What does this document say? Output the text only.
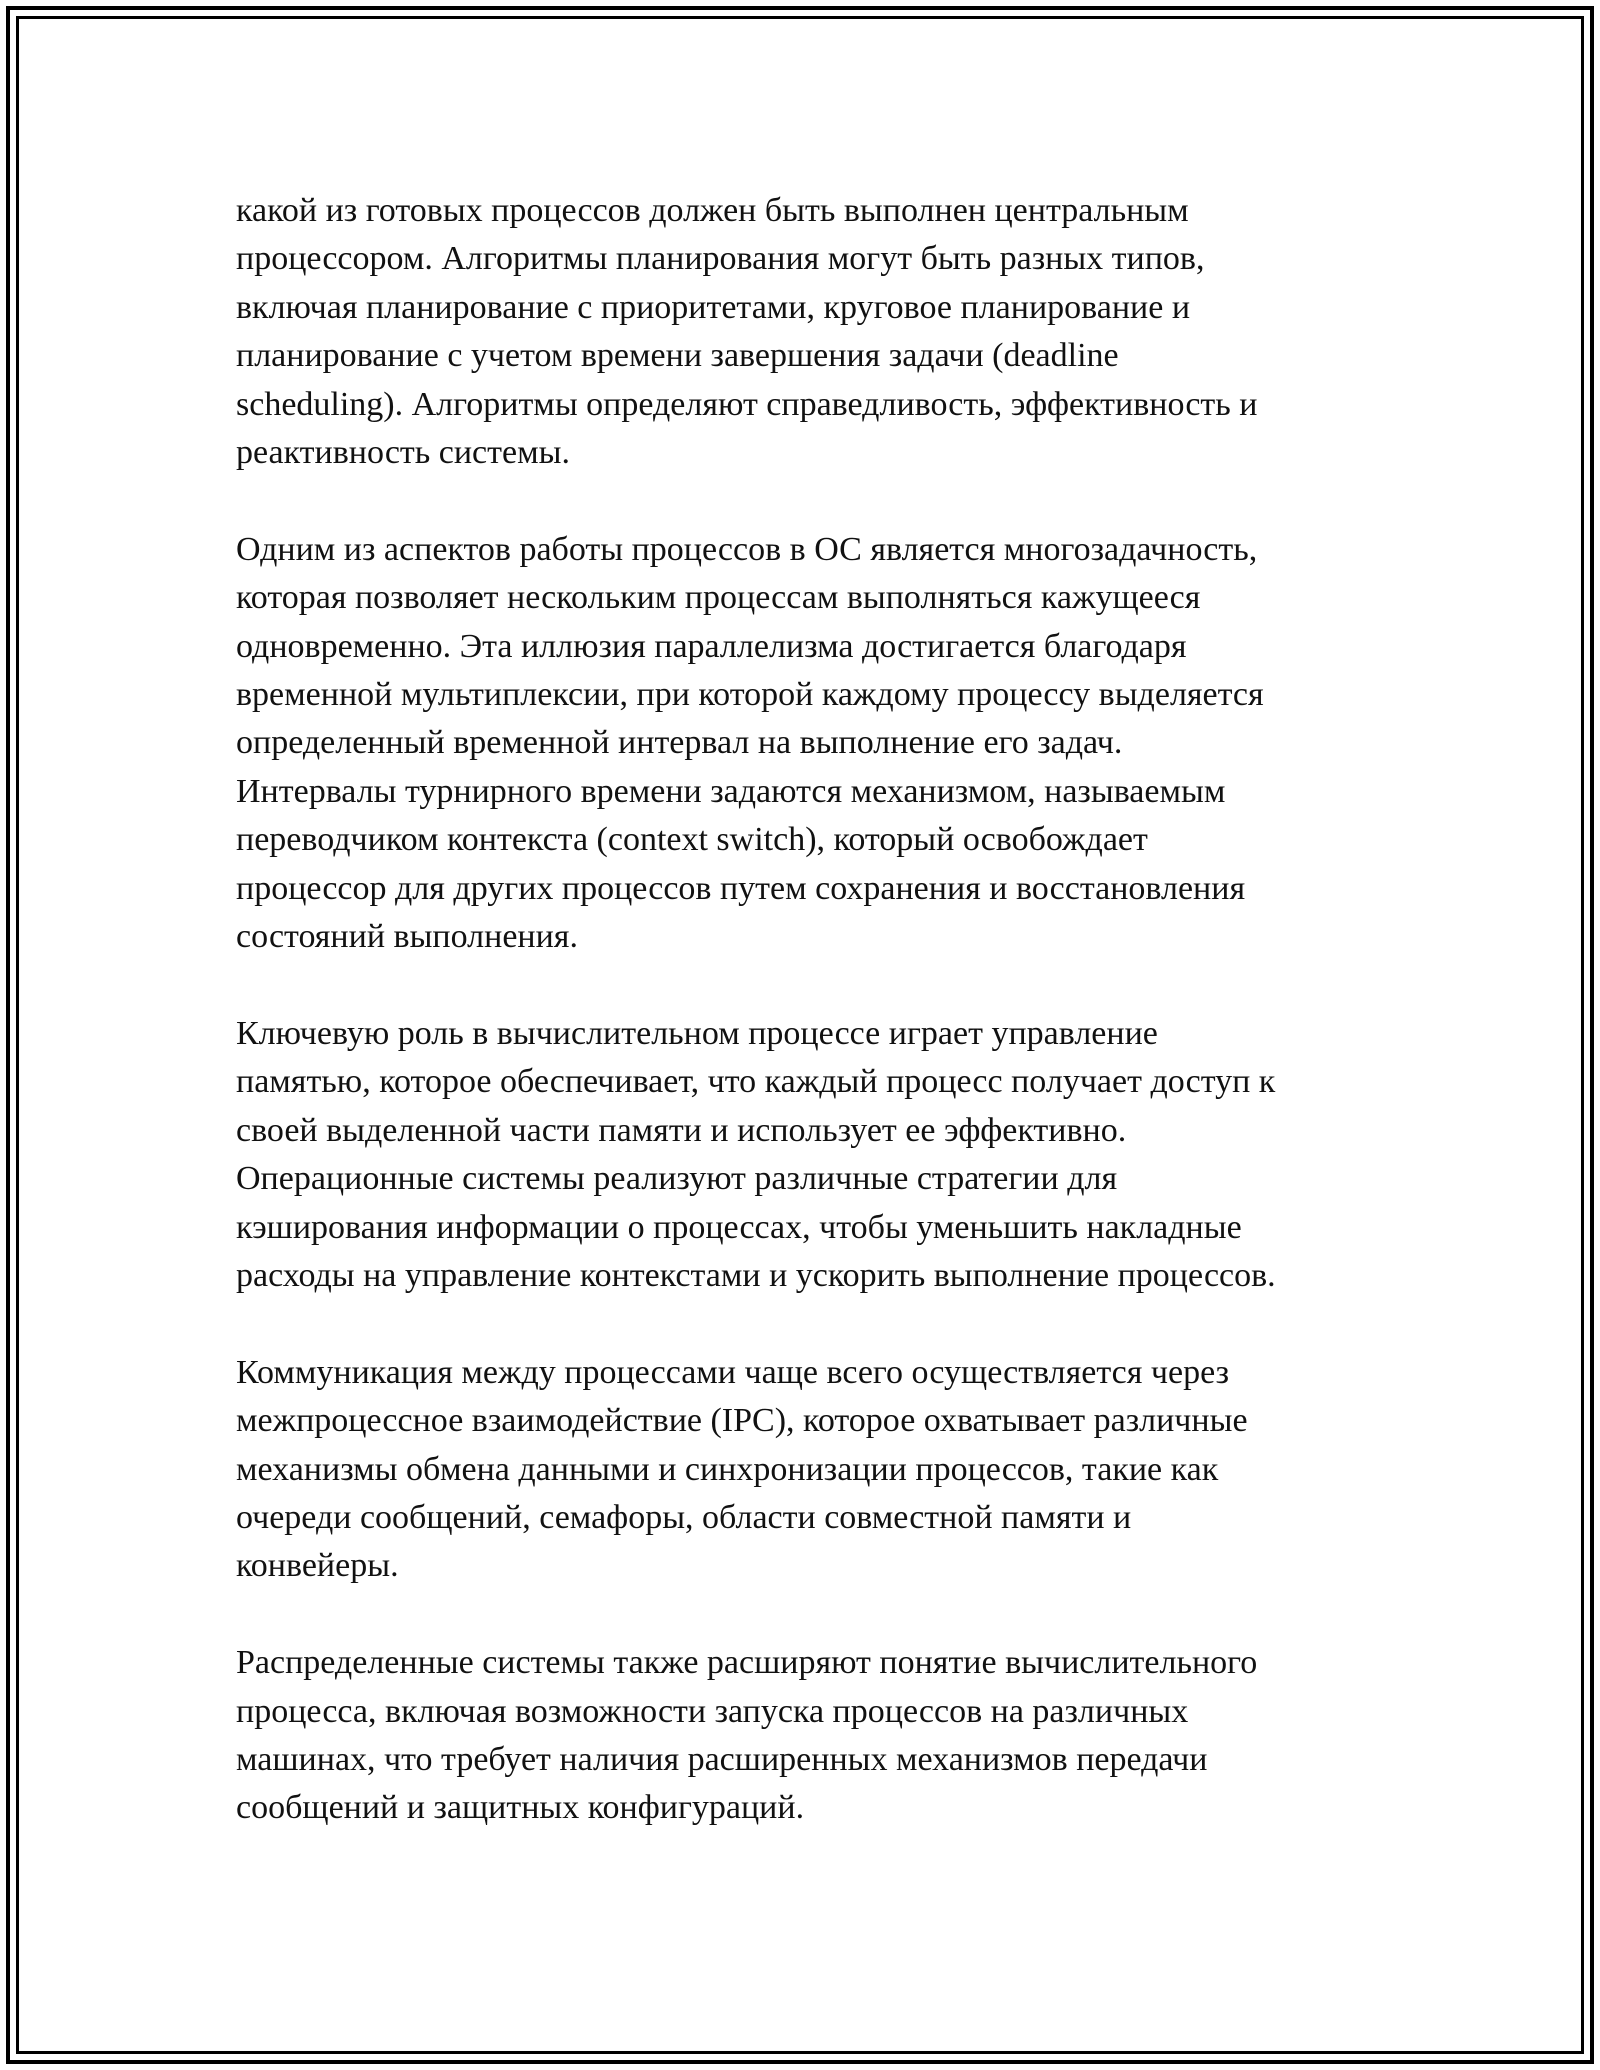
какой из готовых процессов должен быть выполнен центральным
процессором. Алгоритмы планирования могут быть разных типов,
включая планирование с приоритетами, круговое планирование и
планирование с учетом времени завершения задачи (deadline
scheduling). Алгоритмы определяют справедливость, эффективность и
реактивность системы.

Одним из аспектов работы процессов в ОС является многозадачность,
которая позволяет нескольким процессам выполняться кажущееся
одновременно. Эта иллюзия параллелизма достигается благодаря
временной мультиплексии, при которой каждому процессу выделяется
определенный временной интервал на выполнение его задач.
Интервалы турнирного времени задаются механизмом, называемым
переводчиком контекста (context switch), который освобождает
процессор для других процессов путем сохранения и восстановления
состояний выполнения.

Ключевую роль в вычислительном процессе играет управление
памятью, которое обеспечивает, что каждый процесс получает доступ к
своей выделенной части памяти и использует ее эффективно.
Операционные системы реализуют различные стратегии для
кэширования информации о процессах, чтобы уменьшить накладные
расходы на управление контекстами и ускорить выполнение процессов.

Коммуникация между процессами чаще всего осуществляется через
межпроцессное взаимодействие (IPC), которое охватывает различные
механизмы обмена данными и синхронизации процессов, такие как
очереди сообщений, семафоры, области совместной памяти и
конвейеры.

Распределенные системы также расширяют понятие вычислительного
процесса, включая возможности запуска процессов на различных
машинах, что требует наличия расширенных механизмов передачи
сообщений и защитных конфигураций.
